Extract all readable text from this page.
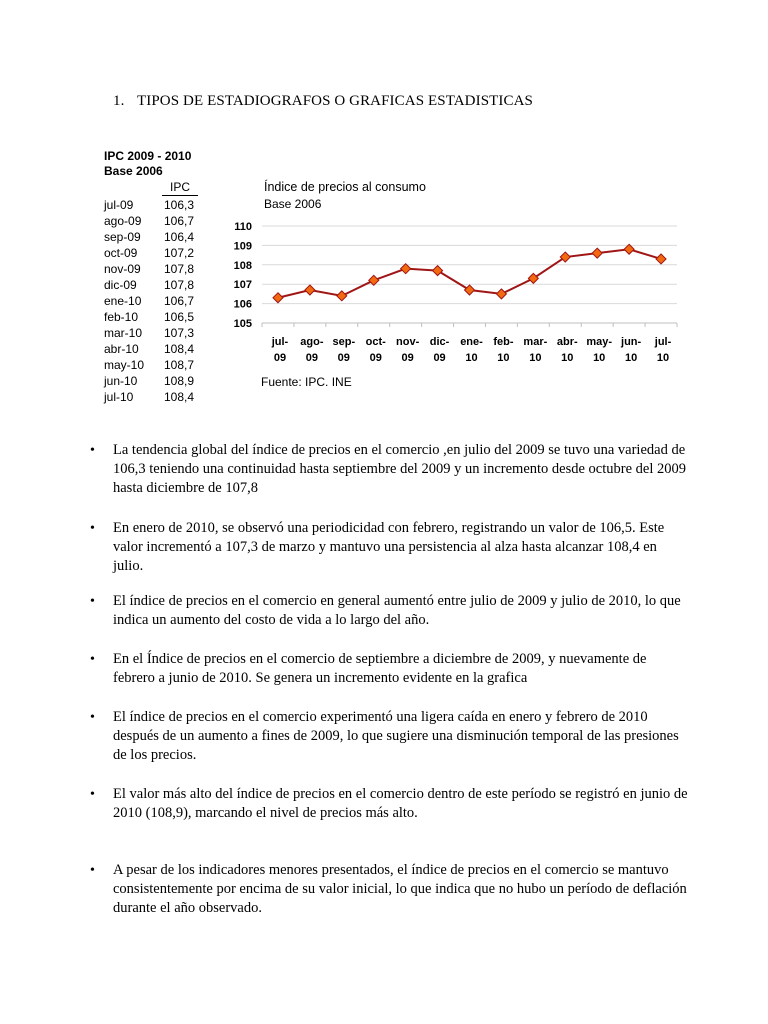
1. TIPOS DE ESTADIOGRAFOS O GRAFICAS ESTADISTICAS
IPC 2009 - 2010
Base 2006
IPC
jul-09	106,3
ago-09 106,7
sep-09 106,4
oct-09 107,2
nov-09 107,8
dic-09 107,8
ene-10 106,7
feb-10 106,5
mar-10 107,3
abr-10 108,4
may-10 108,7
jun-10 108,9
jul-10	108,4
Índice de precios al consumo
Base 2006
105
106
107
108
109
110
jul-
09
ago-
09
sep-
09
oct-
09
nov-
09
dic-
09
ene-
10
feb-
10
mar-
10
abr-
10
may-
10
jun-
10
jul-
10
Fuente: IPC. INE
• La tendencia global del índice de precios en el comercio ,en julio del 2009 se tuvo una variedad de 106,3 teniendo una continuidad hasta septiembre del 2009 y un incremento desde octubre del 2009 hasta diciembre de 107,8
• En enero de 2010, se observó una periodicidad con febrero, registrando un valor de 106,5. Este valor incrementó a 107,3 de marzo y mantuvo una persistencia al alza hasta alcanzar 108,4 en julio.
• El índice de precios en el comercio en general aumentó entre julio de 2009 y julio de 2010, lo que indica un aumento del costo de vida a lo largo del año.
• En el Índice de precios en el comercio de septiembre a diciembre de 2009, y nuevamente de febrero a junio de 2010. Se genera un incremento evidente en la grafica
• El índice de precios en el comercio experimentó una ligera caída en enero y febrero de 2010 después de un aumento a fines de 2009, lo que sugiere una disminución temporal de las presiones de los precios.
• El valor más alto del índice de precios en el comercio dentro de este período se registró en junio de 2010 (108,9), marcando el nivel de precios más alto.
• A pesar de los indicadores menores presentados, el índice de precios en el comercio se mantuvo consistentemente por encima de su valor inicial, lo que indica que no hubo un período de deflación durante el año observado.
